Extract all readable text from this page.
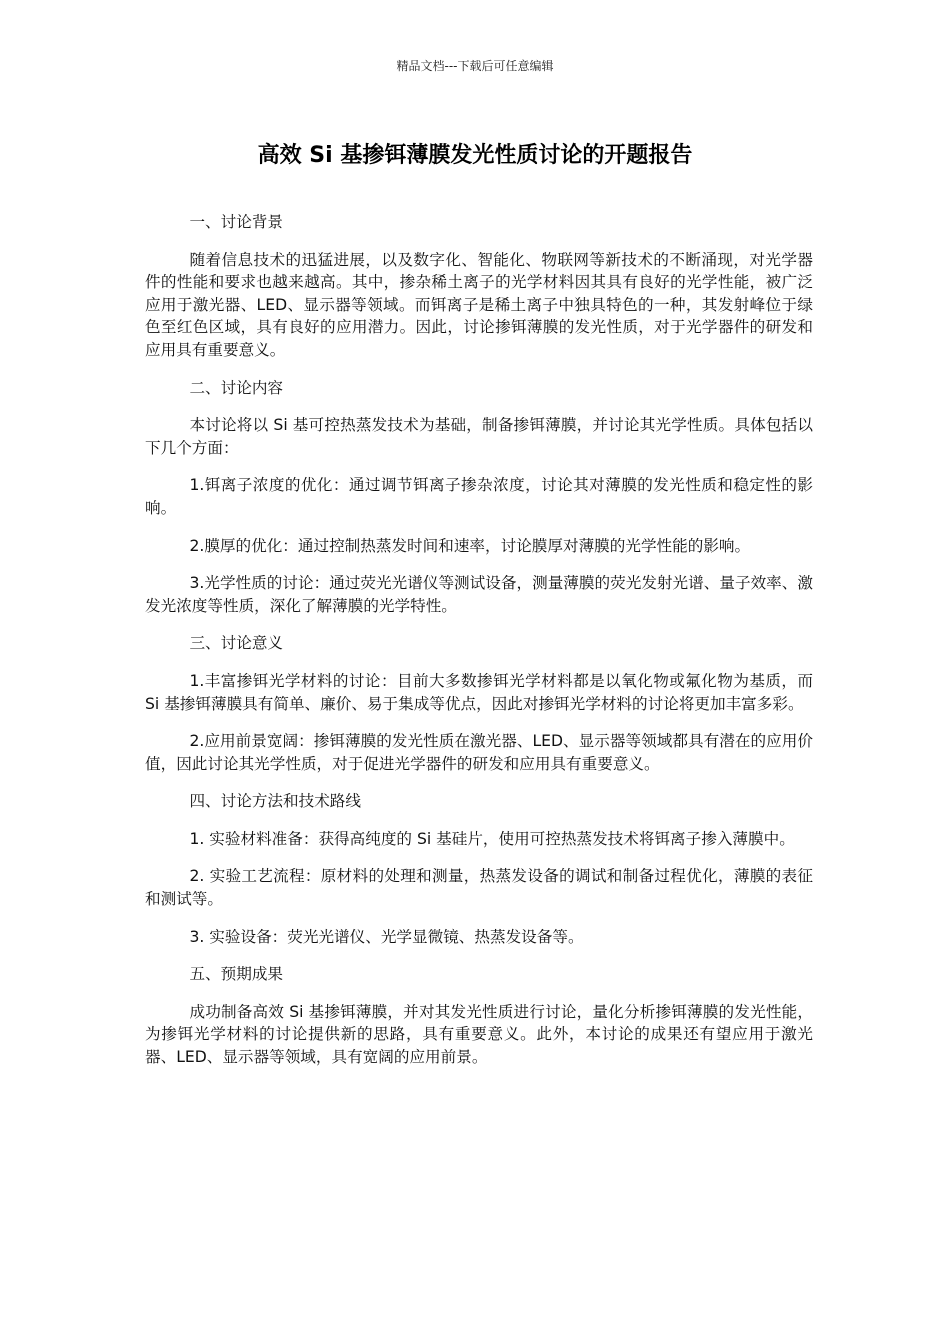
精品文档---下载后可任意编辑
高效 Si 基掺铒薄膜发光性质讨论的开题报告

一、讨论背景

随着信息技术的迅猛进展，以及数字化、智能化、物联网等新技术的不断涌现，对光学器件的性能和要求也越来越高。其中，掺杂稀土离子的光学材料因其具有良好的光学性能，被广泛应用于激光器、LED、显示器等领域。而铒离子是稀土离子中独具特色的一种，其发射峰位于绿色至红色区域，具有良好的应用潜力。因此，讨论掺铒薄膜的发光性质，对于光学器件的研发和应用具有重要意义。

二、讨论内容

本讨论将以 Si 基可控热蒸发技术为基础，制备掺铒薄膜，并讨论其光学性质。具体包括以下几个方面：

1.铒离子浓度的优化：通过调节铒离子掺杂浓度，讨论其对薄膜的发光性质和稳定性的影响。

2.膜厚的优化：通过控制热蒸发时间和速率，讨论膜厚对薄膜的光学性能的影响。

3.光学性质的讨论：通过荧光光谱仪等测试设备，测量薄膜的荧光发射光谱、量子效率、激发光浓度等性质，深化了解薄膜的光学特性。

三、讨论意义

1.丰富掺铒光学材料的讨论：目前大多数掺铒光学材料都是以氧化物或氟化物为基质，而 Si 基掺铒薄膜具有简单、廉价、易于集成等优点，因此对掺铒光学材料的讨论将更加丰富多彩。

2.应用前景宽阔：掺铒薄膜的发光性质在激光器、LED、显示器等领域都具有潜在的应用价值，因此讨论其光学性质，对于促进光学器件的研发和应用具有重要意义。

四、讨论方法和技术路线

1. 实验材料准备：获得高纯度的 Si 基硅片，使用可控热蒸发技术将铒离子掺入薄膜中。

2. 实验工艺流程：原材料的处理和测量，热蒸发设备的调试和制备过程优化，薄膜的表征和测试等。

3. 实验设备：荧光光谱仪、光学显微镜、热蒸发设备等。

五、预期成果

成功制备高效 Si 基掺铒薄膜，并对其发光性质进行讨论，量化分析掺铒薄膜的发光性能，为掺铒光学材料的讨论提供新的思路，具有重要意义。此外，本讨论的成果还有望应用于激光器、LED、显示器等领域，具有宽阔的应用前景。
